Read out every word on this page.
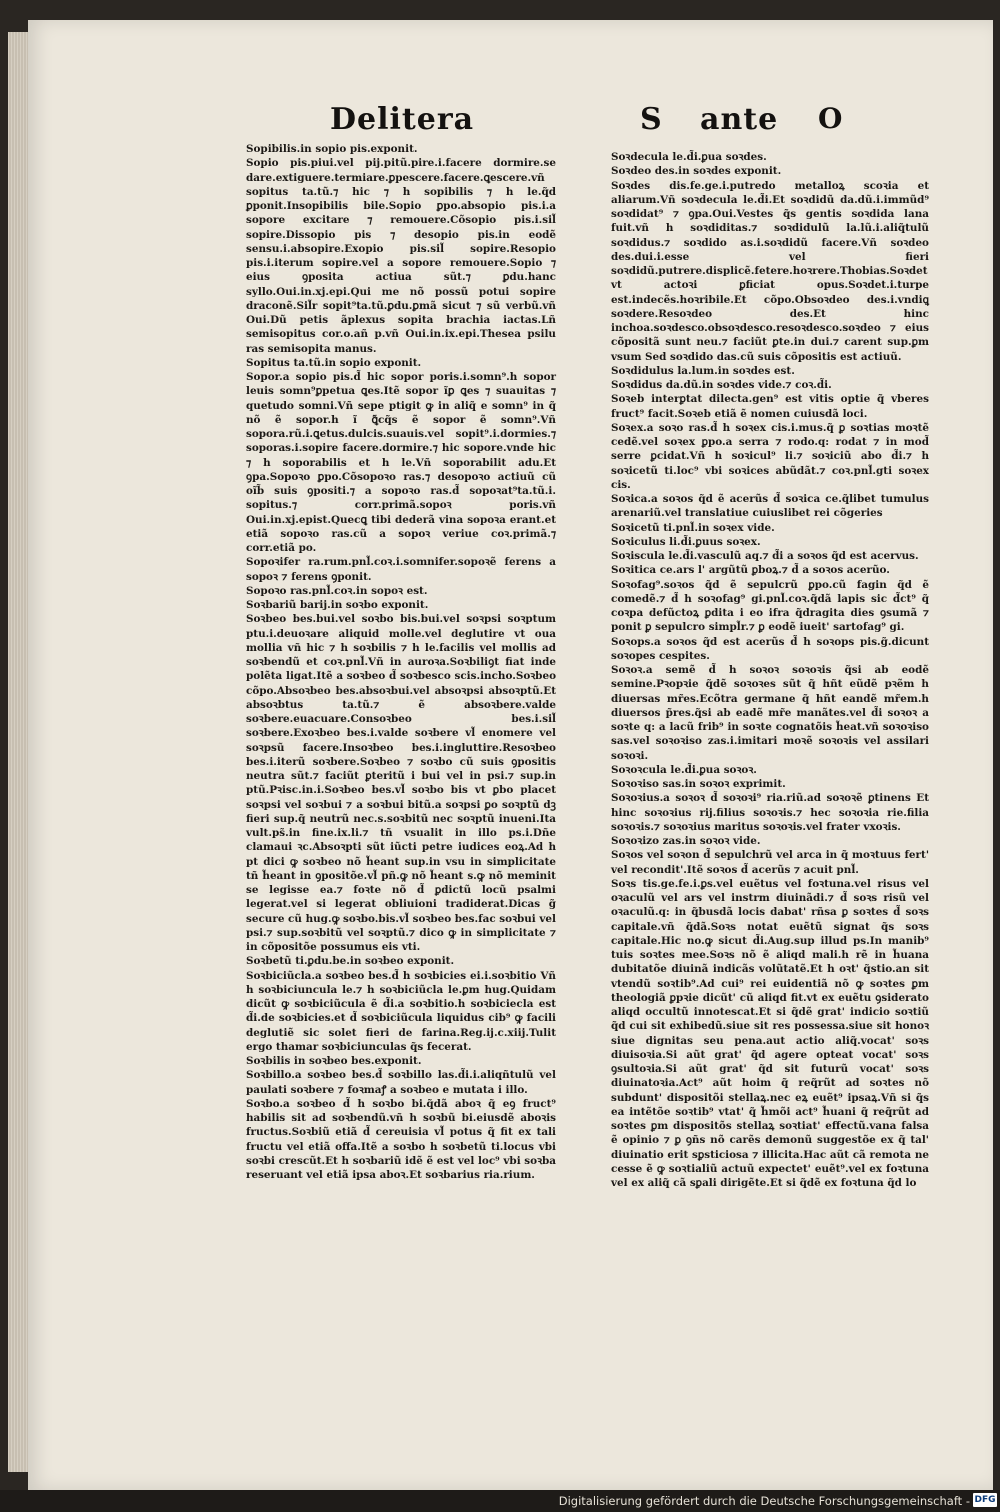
Delitera	S ante O

Sopibilis.in sopio pis.exponit.

Sopio pis.piui.vel pij.pitũ.pire.i.facere dormire.se dare.extiguere.termiare.ꝑpescere.facere.ꝗescere.vñ sopitus ta.tũ.⁊ hic ⁊ h sopibilis ⁊ h le.q̃d ꝑponit.Insopibilis bile.Sopio ꝑpo.absopio pis.i.a sopore excitare ⁊ remouere.Cõsopio pis.i.sil̃ sopire.Dissopio pis ⁊ desopio pis.in eodẽ sensu.i.absopire.Exopio pis.sil̃ sopire.Resopio pis.i.iterum sopire.vel a sopore remouere.Sopio ⁊ eius ꝯposita actiua sũt.⁊ ꝑdu.hanc syllo.Oui.in.xj.epi.Qui me nõ possũ potui sopire draconẽ.Sil̃r sopit⁹ta.tũ.ꝑdu.ꝑmã sicut ⁊ sũ verbũ.vñ Oui.Dũ petis ãplexus sopita brachia iactas.Lñ semisopitus cor.o.añ p.vñ Oui.in.ix.epi.Thesea psilu ras semisopita manus.

Sopitus ta.tũ.in sopio exponit.

Sopor.a sopio pis.d̃ hic sopor poris.i.somn⁹.h sopor leuis somn⁹ꝑpetua ꝗes.Itẽ sopor ĩꝑ ꝗes ⁊ suauitas ⁊ quetudo somni.Vñ sepe ptigit ꝙ in aliq̃ e somn⁹ in q̃ nõ ẽ sopor.h ĩ ꝗ̃cq̃s ẽ sopor ẽ somn⁹.Vñ sopora.rũ.i.ꝗetus.dulcis.suauis.vel sopit⁹.i.dormies.⁊ soporas.i.sopire facere.dormire.⁊ hic sopore.vnde hic ⁊ h soporabilis et h le.Vñ soporabilit adu.Et ꝯpa.Sopoꝛo ꝑpo.Cõsopoꝛo ras.⁊ desopoꝛo actiuũ cũ oĩb̃ suis ꝯpositi.⁊ a sopoꝛo ras.d̃ sopoꝛat⁹ta.tũ.i. sopitus.⁊ corr.primã.sopoꝛ poris.vñ Oui.in.xj.epist.Quecꝗ tibi dederã vina sopoꝛa erant.et etiã sopoꝛo ras.cũ a sopoꝛ veriue coꝛ.primã.⁊ corr.etiã po.

Sopoꝛifer ra.rum.pnl̃.coꝛ.i.somnifer.sopoꝛẽ ferens a sopoꝛ ⁊ ferens ꝯponit.

Sopoꝛo ras.pnl̃.coꝛ.in sopoꝛ est.

Soꝛbariũ barij.in soꝛbo exponit.

Soꝛbeo bes.bui.vel soꝛbo bis.bui.vel soꝛpsi soꝛptum ptu.i.deuoꝛare aliquid molle.vel deglutire vt oua mollia vñ hic ⁊ h soꝛbilis ⁊ h le.facilis vel mollis ad soꝛbendũ et coꝛ.pnl̃.Vñ in auroꝛa.Soꝛbiliꝯt fiat inde polẽta ligat.Itẽ a soꝛbeo d̃ soꝛbesco scis.incho.Soꝛbeo cõpo.Absoꝛbeo bes.absoꝛbui.vel absoꝛpsi absoꝛptũ.Et absoꝛbtus ta.tũ.⁊ ẽ absoꝛbere.valde soꝛbere.euacuare.Consoꝛbeo bes.i.sil̃ soꝛbere.Exoꝛbeo bes.i.valde soꝛbere vl̃ enomere vel soꝛpsũ facere.Insoꝛbeo bes.i.ingluttire.Resoꝛbeo bes.i.iterũ soꝛbere.Soꝛbeo ⁊ soꝛbo cũ suis ꝯpositis neutra sũt.⁊ faciũt ꝑteritũ i bui vel in psi.⁊ sup.in ptũ.Pꝛisc.in.i.Soꝛbeo bes.vl̃ soꝛbo bis vt ꝑbo placet soꝛpsi vel soꝛbui ⁊ a soꝛbui bitũ.a soꝛpsi ꝑo soꝛptũ dꝫ fieri sup.q̃ neutrũ nec.s.soꝛbitũ nec soꝛptũ inueni.Ita vult.ps̃.in fine.ix.li.⁊ tñ vsualit in illo ps.i.Dñe clamaui ꝛc.Absoꝛpti sũt iũcti petre iudices eoꝝ.Ad h pt dici ꝙ soꝛbeo nõ h̃eant sup.in vsu in simplicitate tñ h̃eant in ꝯpositõe.vl̃ pñ.ꝙ nõ h̃eant s.ꝙ nõ meminit se legisse ea.⁊ foꝛte nõ d̃ ꝑdictũ locũ psalmi legerat.vel si legerat obliuioni tradiderat.Dicas g̃ secure cũ hug.ꝙ soꝛbo.bis.vl̃ soꝛbeo bes.fac soꝛbui vel psi.⁊ sup.soꝛbitũ vel soꝛptũ.⁊ dico ꝙ in simplicitate ⁊ in cõpositõe possumus eis vti.

Soꝛbetũ ti.ꝑdu.be.in soꝛbeo exponit.

Soꝛbiciũcla.a soꝛbeo bes.d̃ h soꝛbicies ei.i.soꝛbitio Vñ h soꝛbiciuncula le.⁊ h soꝛbiciũcla le.ꝑm hug.Quidam dicũt ꝙ soꝛbiciũcula ẽ d̃i.a soꝛbitio.h soꝛbiciecla est d̃i.de soꝛbicies.et d̃ soꝛbiciũcula liquidus cib⁹ ꝙ facili deglutiẽ sic solet fieri de farina.Reg.ij.c.xiij.Tulit ergo thamar soꝛbiciunculas q̃s fecerat.

Soꝛbilis in soꝛbeo bes.exponit.

Soꝛbillo.a soꝛbeo bes.d̃ soꝛbillo las.d̃i.i.aliqñtulũ vel paulati soꝛbere ⁊ foꝛmaꝭ a soꝛbeo e mutata i illo.

Soꝛbo.a soꝛbeo d̃ h soꝛbo bi.q̃dã aboꝛ q̃ eꝯ fruct⁹ habilis sit ad soꝛbendũ.vñ h soꝛbũ bi.eiusdẽ aboꝛis fructus.Soꝛbiũ etiã d̃ cereuisia vl̃ potus q̃ fit ex tali fructu vel etiã offa.Itẽ a soꝛbo h soꝛbetũ ti.locus vbi soꝛbi crescũt.Et h soꝛbariũ idẽ ẽ est vel loc⁹ vbi soꝛba reseruant vel etiã ipsa aboꝛ.Et soꝛbarius ria.rium.

Soꝛdecula le.d̃i.ꝑua soꝛdes.

Soꝛdeo des.in soꝛdes exponit.

Soꝛdes dis.fe.ge.i.putredo metalloꝝ scoꝛia et aliarum.Vñ soꝛdecula le.d̃i.Et soꝛdidũ da.dũ.i.immũd⁹ soꝛdidat⁹ ⁊ ꝯpa.Oui.Vestes q̃s gentis soꝛdida lana fuit.vñ h soꝛdiditas.⁊ soꝛdidulũ la.lũ.i.aliq̃tulũ soꝛdidus.⁊ soꝛdido as.i.soꝛdidũ facere.Vñ soꝛdeo des.dui.i.esse vel fieri soꝛdidũ.putrere.displicẽ.fetere.hoꝛrere.Thobias.Soꝛdet vt actoꝛi ꝑficiat opus.Soꝛdet.i.turpe est.indecẽs.hoꝛribile.Et cõpo.Obsoꝛdeo des.i.vndiꝗ soꝛdere.Resoꝛdeo des.Et hinc inchoa.soꝛdesco.obsoꝛdesco.resoꝛdesco.soꝛdeo ⁊ eius cõpositã sunt neu.⁊ faciũt ꝑte.in dui.⁊ carent sup.ꝑm vsum Sed soꝛdido das.cũ suis cõpositis est actiuũ.

Soꝛdidulus la.lum.in soꝛdes est.

Soꝛdidus da.dũ.in soꝛdes vide.⁊ coꝛ.d̃i.

Soꝛeb interꝑtat dilecta.gen⁹ est vitis optie q̃ vberes fruct⁹ facit.Soꝛeb etiã ẽ nomen cuiusdã loci.

Soꝛex.a soꝛo ras.d̃ h soꝛex cis.i.mus.q̃ ꝑ soꝛtias moꝛtẽ cedẽ.vel soꝛex ꝑpo.a serra ⁊ rodo.q: rodat ⁊ in mod̃ serre ꝑcidat.Vñ h soꝛicul⁹ li.⁊ soꝛiciũ abo d̃i.⁊ h soꝛicetũ ti.loc⁹ vbi soꝛices abũdãt.⁊ coꝛ.pnl̃.gti soꝛex cis.

Soꝛica.a soꝛos q̃d ẽ acerũs d̃ soꝛica ce.q̃libet tumulus arenariũ.vel translatiue cuiuslibet rei cõgeries

Soꝛicetũ ti.pnl̃.in soꝛex vide.

Soꝛiculus li.d̃i.ꝑuus soꝛex.

Soꝛiscula le.d̃i.vasculũ aq.⁊ d̃i a soꝛos q̃d est acervus.

Soꝛitica ce.ars l' argũtũ ꝑboꝝ.⁊ d̃ a soꝛos acerũo.

Soꝛofag⁹.soꝛos q̃d ẽ sepulcrũ ꝑpo.cũ fagin q̃d ẽ comedẽ.⁊ d̃ h soꝛofag⁹ gi.pnl̃.coꝛ.q̃dã lapis sic d̃ct⁹ q̃ coꝛpa defũctoꝝ ꝑdita i eo ifra q̃dragita dies ꝯsumã ⁊ ponit ꝑ sepulcro simpl̃r.⁊ ꝑ eodẽ iueit' sartofag⁹ gi.

Soꝛops.a soꝛos q̃d est acerũs d̃ h soꝛops pis.g̃.dicunt soꝛopes cespites.

Soꝛoꝛ.a semẽ d̃ h soꝛoꝛ soꝛoꝛis q̃si ab eodẽ semine.Pꝛopꝛie q̃dẽ soꝛoꝛes sũt q̃ hñt eũdẽ pꝛẽm h diuersas mr̃es.Ecõtra germane q̃ hñt eandẽ mr̃em.h diuersos p̃res.q̃si ab eadẽ mr̃e manãtes.vel d̃i soꝛoꝛ a soꝛte q: a lacũ frib⁹ in soꝛte cognatõis h̃eat.vñ soꝛoꝛiso sas.vel soꝛoꝛiso zas.i.imitari moꝛẽ soꝛoꝛis vel assilari soꝛoꝛi.

Soꝛoꝛcula le.d̃i.ꝑua soꝛoꝛ.

Soꝛoꝛiso sas.in soꝛoꝛ exprimit.

Soꝛoꝛius.a soꝛoꝛ d̃ soꝛoꝛi⁹ ria.riũ.ad soꝛoꝛẽ ꝑtinens Et hinc soꝛoꝛius rij.filius soꝛoꝛis.⁊ hec soꝛoꝛia rie.filia soꝛoꝛis.⁊ soꝛoꝛius maritus soꝛoꝛis.vel frater vxoꝛis.

Soꝛoꝛizo zas.in soꝛoꝛ vide.

Soꝛos vel soꝛon d̃ sepulchrũ vel arca in q̃ moꝛtuus fert' vel recondit'.Itẽ soꝛos d̃ acerũs ⁊ acuit pnl̃.

Soꝛs tis.ge.fe.i.ꝑs.vel euẽtus vel foꝛtuna.vel risus vel oꝛaculũ vel ars vel instrm diuinãdi.⁊ d̃ soꝛs risũ vel oꝛaculũ.q: in q̃busdã locis dabat' rñsa ꝑ soꝛtes d̃ soꝛs capitale.vñ q̃dã.Soꝛs notat euẽtũ signat q̃s soꝛs capitale.Hic no.ꝙ sicut d̃i.Aug.sup illud ps.In manib⁹ tuis soꝛtes mee.Soꝛs nõ ẽ aliqd mali.h rẽ in h̃uana dubitatõe diuinã indicãs volũtatẽ.Et h oꝛt' q̃stio.an sit vtendũ soꝛtib⁹.Ad cui⁹ rei euidentiã nõ ꝙ soꝛtes ꝑm theologiã ꝑpꝛie dicũt' cũ aliqd fit.vt ex euẽtu ꝯsiderato aliqd occultũ innotescat.Et si q̃dẽ grat' indicio soꝛtiũ q̃d cui sit exhibedũ.siue sit res possessa.siue sit honoꝛ siue dignitas seu pena.aut actio aliq̃.vocat' soꝛs diuisoꝛia.Si aũt grat' q̃d agere opteat vocat' soꝛs ꝯsultoꝛia.Si aũt grat' q̃d sit futurũ vocat' soꝛs diuinatoꝛia.Act⁹ aũt hoim q̃ req̃rũt ad soꝛtes nõ subdunt' dispositõi stellaꝝ.nec eꝝ euẽt⁹ ipsaꝝ.Vñ si q̃s ea intẽtõe soꝛtib⁹ vtat' q̃ h̃mõi act⁹ h̃uani q̃ req̃rũt ad soꝛtes ꝑm dispositõs stellaꝝ soꝛtiat' effectũ.vana falsa ẽ opinio ⁊ ꝑ ꝯñs nõ carẽs demonũ suggestõe ex q̃ tal' diuinatio erit sꝑsticiosa ⁊ illicita.Hac aũt cã remota ne cesse ẽ ꝙ soꝛtialiũ actuũ expectet' euẽt⁹.vel ex foꝛtuna vel ex aliq̃ cã sꝑali dirigẽte.Et si q̃dẽ ex foꝛtuna q̃d lo

Digitalisierung gefördert durch die Deutsche Forschungsgemeinschaft - DFG
